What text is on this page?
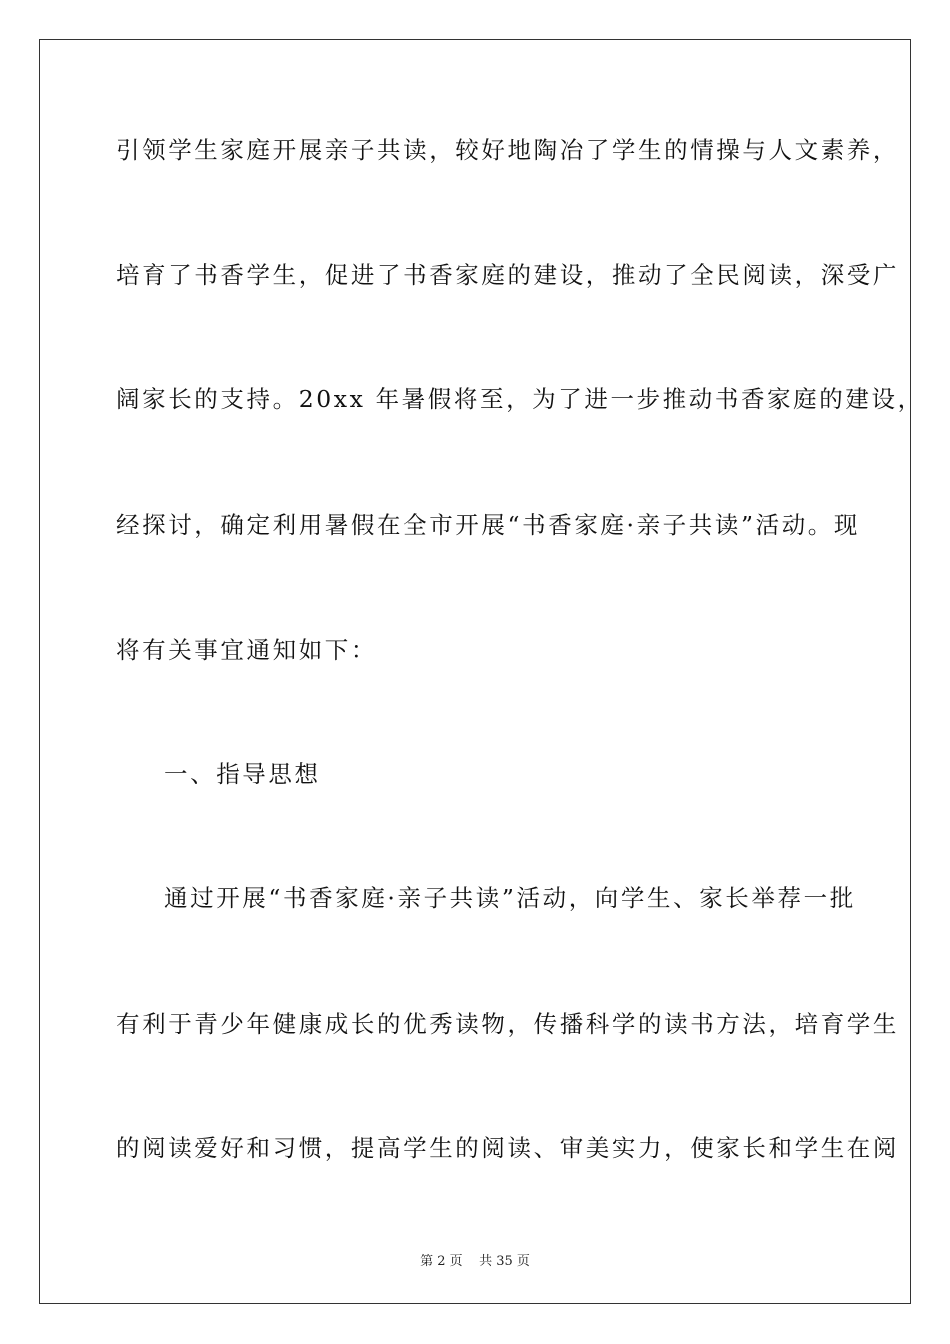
引领学生家庭开展亲子共读，较好地陶冶了学生的情操与人文素养，
培育了书香学生，促进了书香家庭的建设，推动了全民阅读，深受广
阔家长的支持。20xx 年暑假将至，为了进一步推动书香家庭的建设，
经探讨，确定利用暑假在全市开展“书香家庭·亲子共读”活动。现
将有关事宜通知如下：
一、指导思想
通过开展“书香家庭·亲子共读”活动，向学生、家长举荐一批
有利于青少年健康成长的优秀读物，传播科学的读书方法，培育学生
的阅读爱好和习惯，提高学生的阅读、审美实力，使家长和学生在阅
第 2 页    共 35 页
